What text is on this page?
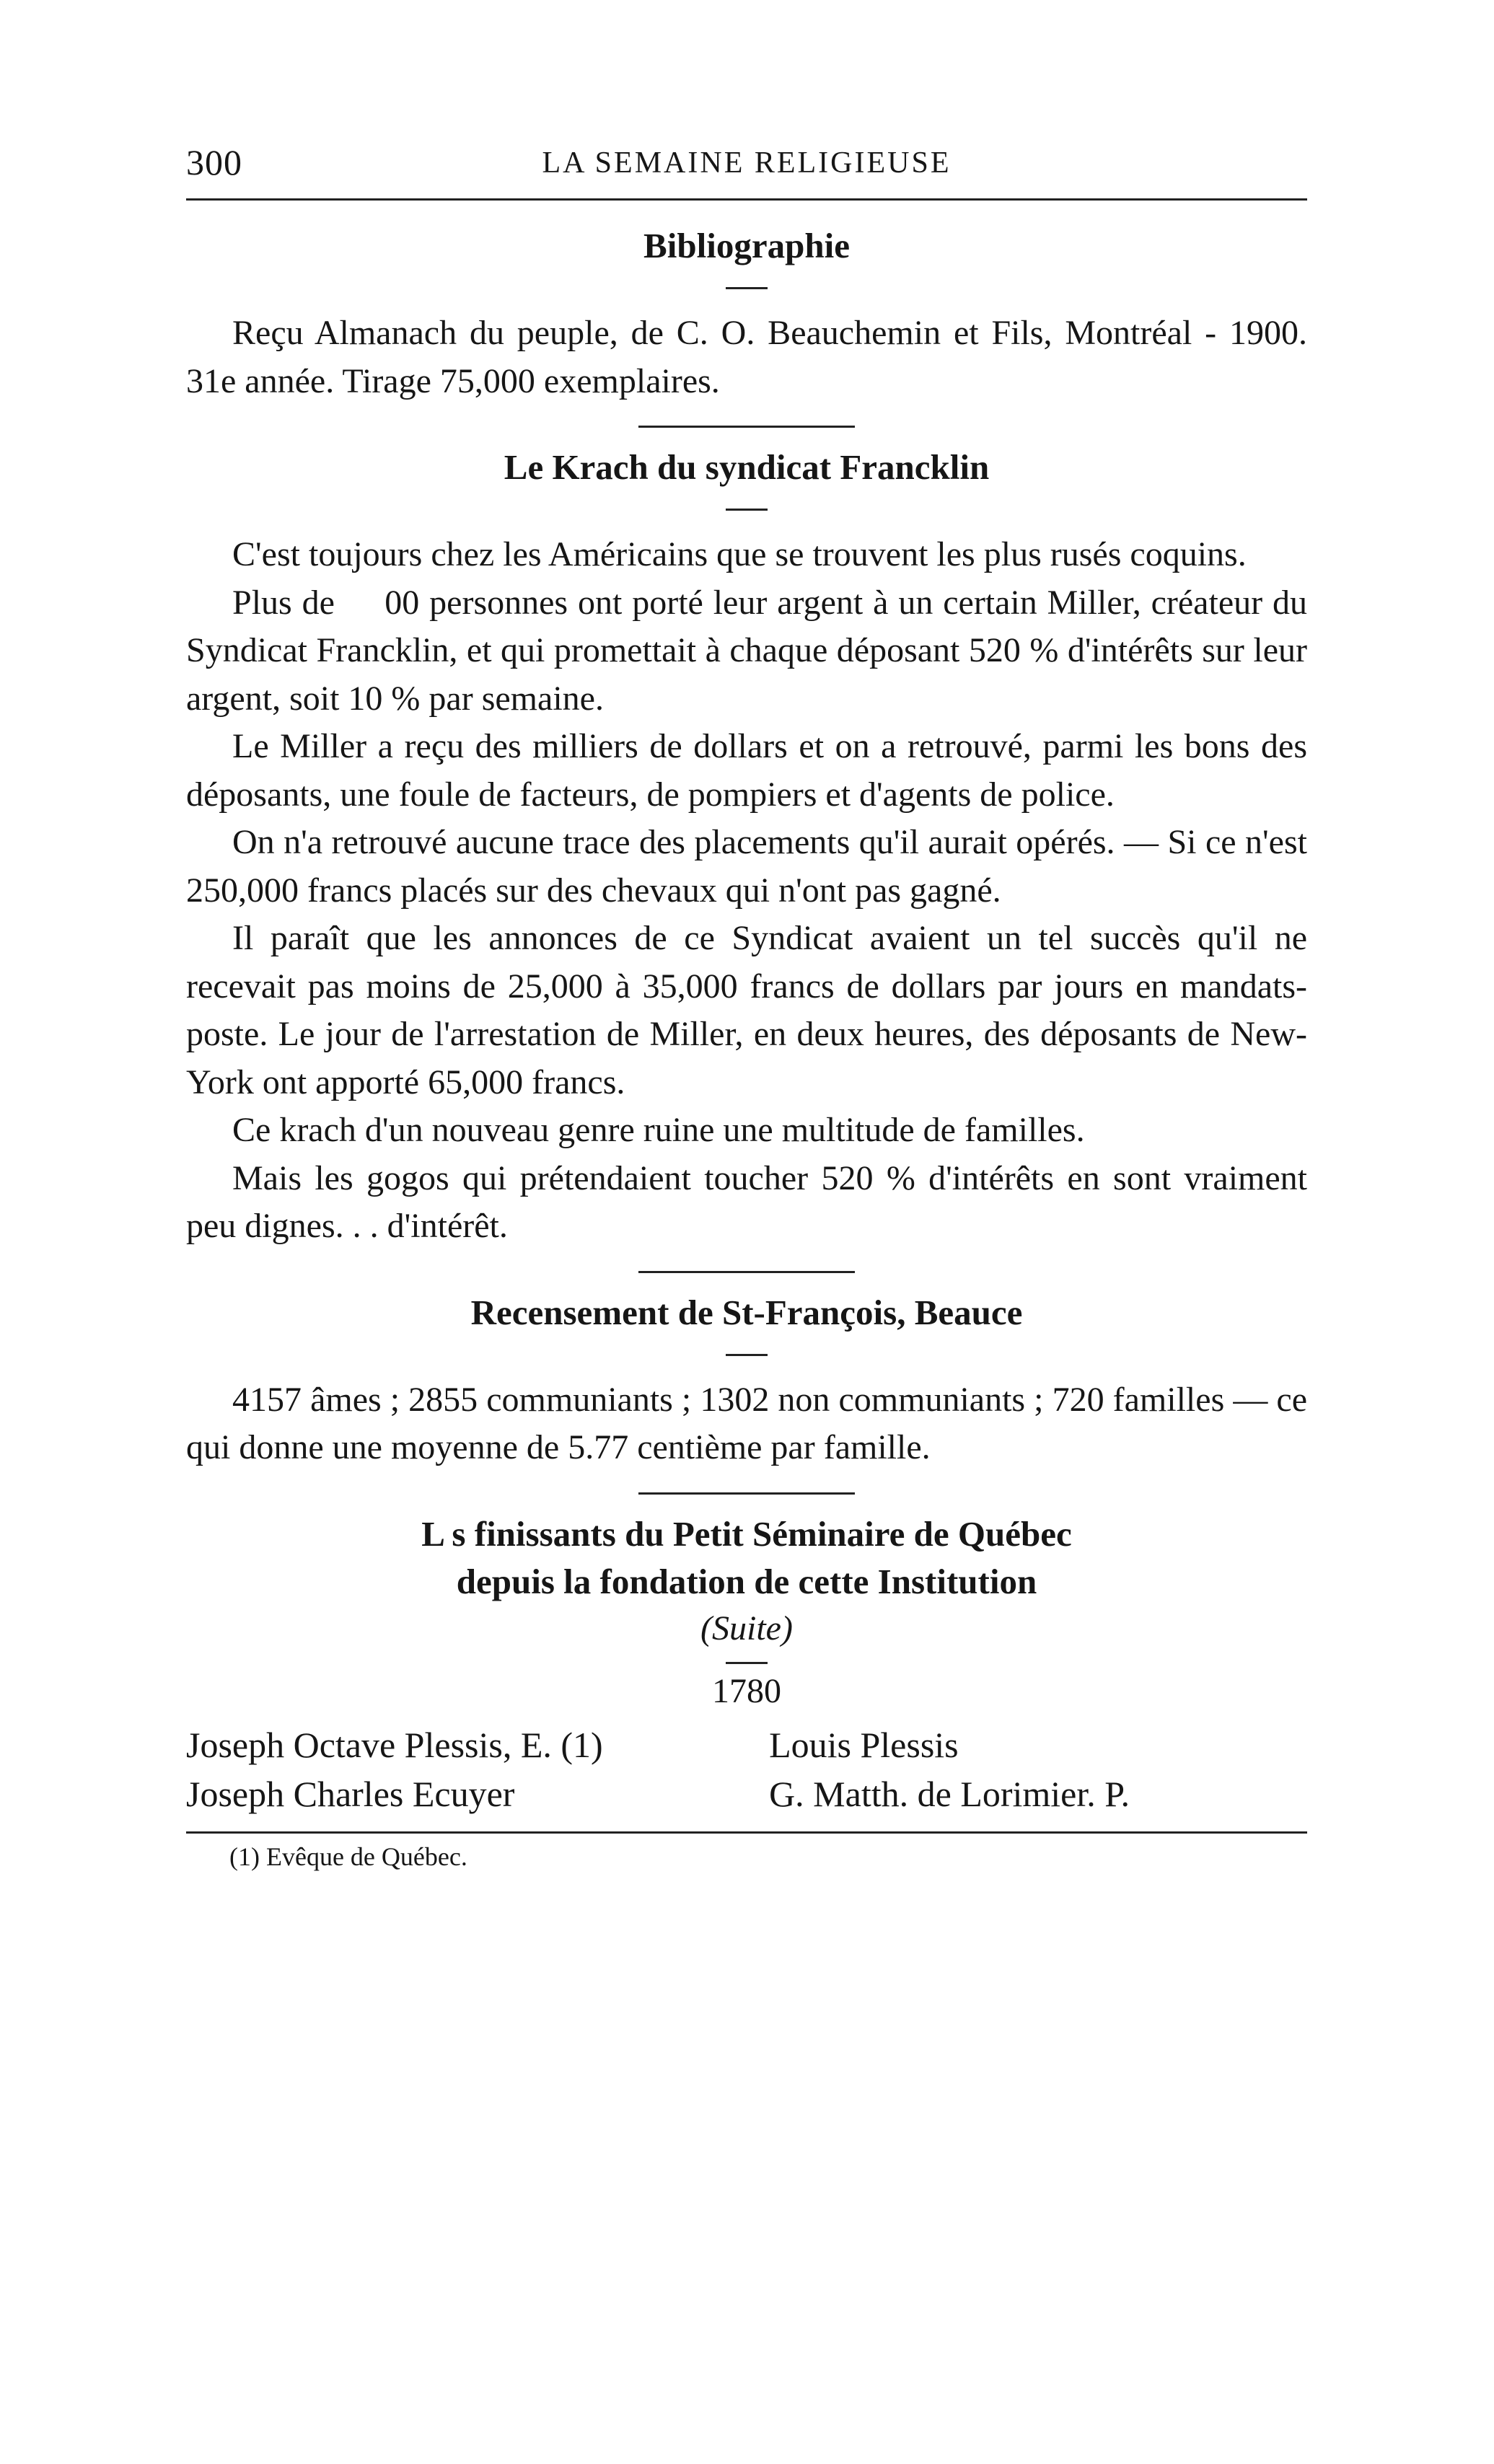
300	LA SEMAINE RELIGIEUSE
Bibliographie

Reçu Almanach du peuple, de C. O. Beauchemin et Fils, Montréal - 1900. 31e année. Tirage 75,000 exemplaires.

Le Krach du syndicat Francklin

C'est toujours chez les Américains que se trouvent les plus rusés coquins.

Plus de ⁠ ⁠ ⁠ ⁠ ⁠00 personnes ont porté leur argent à un certain Miller, créateur du Syndicat Francklin, et qui promettait à chaque déposant 520 % d'intérêts sur leur argent, soit 10 % par semaine.

Le Miller a reçu des milliers de dollars et on a retrouvé, parmi les bons des déposants, une foule de facteurs, de pompiers et d'agents de police.

On n'a retrouvé aucune trace des placements qu'il aurait opérés. — Si ce n'est 250,000 francs placés sur des chevaux qui n'ont pas gagné.

Il paraît que les annonces de ce Syndicat avaient un tel succès qu'il ne recevait pas moins de 25,000 à 35,000 francs de dollars par jours en mandats-poste. Le jour de l'arrestation de Miller, en deux heures, des déposants de New-York ont apporté 65,000 francs.

Ce krach d'un nouveau genre ruine une multitude de familles.

Mais les gogos qui prétendaient toucher 520 % d'intérêts en sont vraiment peu dignes. . . d'intérêt.

Recensement de St-François, Beauce

4157 âmes ; 2855 communiants ; 1302 non communiants ; 720 familles — ce qui donne une moyenne de 5.77 centième par famille.

L s finissants du Petit Séminaire de Québec
depuis la fondation de cette Institution
(Suite)
1780
Joseph Octave Plessis, E. (1)	Louis Plessis
Joseph Charles Ecuyer	G. Matth. de Lorimier. P.

(1) Evêque de Québec.
